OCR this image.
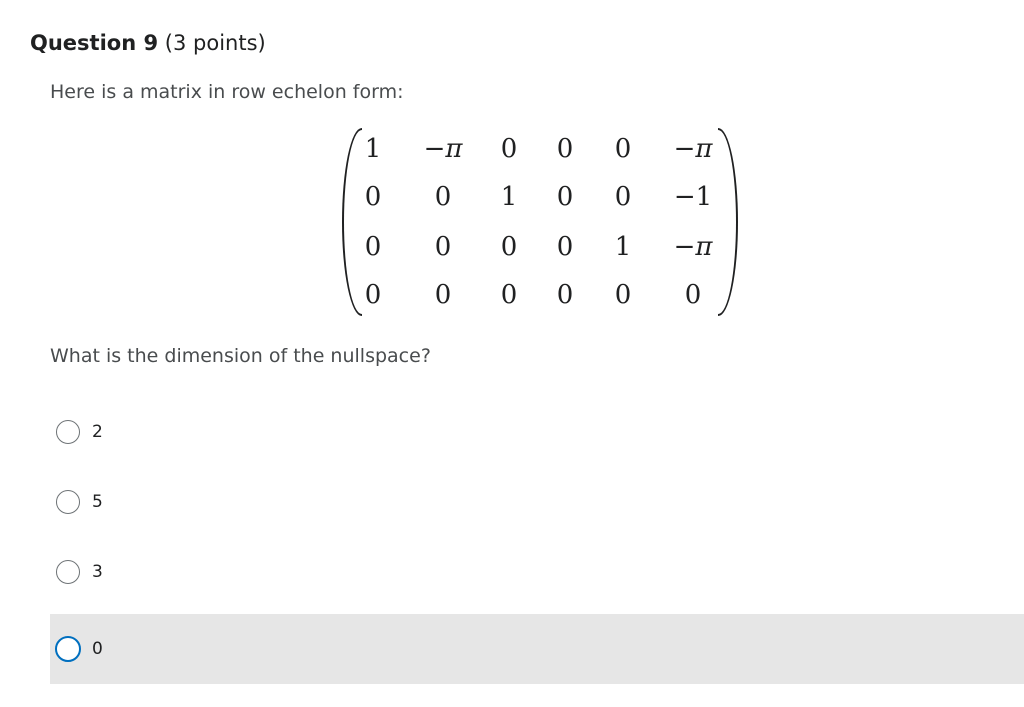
Question 9 (3 points)
Here is a matrix in row echelon form:
1	−π	0	0	0	−π
0	0	1	0	0	−1
0	0	0	0	1	−π
0	0	0	0	0	0
What is the dimension of the nullspace?
2
5
3
0
